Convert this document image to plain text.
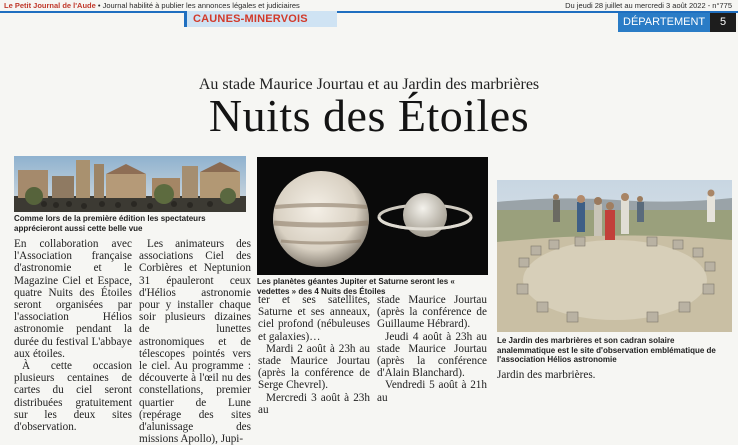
Le Petit Journal de l'Aude • Journal habilité à publier les annonces légales et judiciaires	Du jeudi 28 juillet au mercredi 3 août 2022 - n°775
CAUNES-MINERVOIS	DÉPARTEMENT	5
Au stade Maurice Jourtau et au Jardin des marbrières
Nuits des Étoiles
Comme lors de la première édition les spectateurs apprécieront aussi cette belle vue
Les planètes géantes Jupiter et Saturne seront les « vedettes » des 4 Nuits des Étoiles
Le Jardin des marbrières et son cadran solaire analemmatique est le site d'observation emblématique de l'association Hélios astronomie

En collaboration avec l'Association française d'astronomie et le Magazine Ciel et Espace, quatre Nuits des Étoiles seront organisées par l'association Hélios astronomie pendant la durée du festival L'abbaye aux étoiles.

À cette occasion plusieurs centaines de cartes du ciel seront distribuées gratuitement sur les deux sites d'observation.

Les animateurs des associations Ciel des Corbières et Neptunion 31 épauleront ceux d'Hélios astronomie pour y installer chaque soir plusieurs dizaines de lunettes astronomiques et de télescopes pointés vers le ciel. Au programme : découverte à l'œil nu des constellations, premier quartier de Lune (repérage des sites d'alunissage des missions Apollo), Jupi-

ter et ses satellites, Saturne et ses anneaux, ciel profond (nébuleuses et galaxies)…

Mardi 2 août à 23h au stade Maurice Jourtau (après la conférence de Serge Chevrel).

Mercredi 3 août à 23h au

stade Maurice Jourtau (après la conférence de Guillaume Hébrard).

Jeudi 4 août à 23h au stade Maurice Jourtau (après la conférence d'Alain Blanchard).

Vendredi 5 août à 21h au

Jardin des marbrières.
